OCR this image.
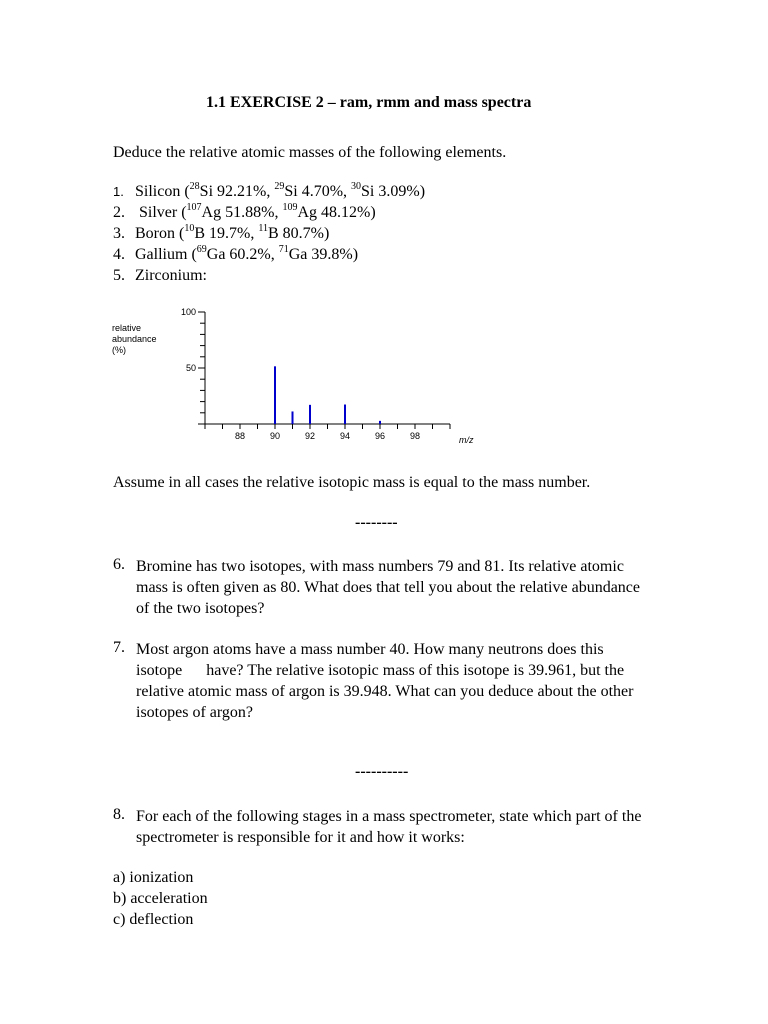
1.1 EXERCISE 2 – ram, rmm and mass spectra
Deduce the relative atomic masses of the following elements.
1. Silicon ($^{28}$Si 92.21%, $^{29}$Si 4.70%, $^{30}$Si 3.09%)
2. Silver ($^{107}$Ag 51.88%, $^{109}$Ag 48.12%)
3. Boron ($^{10}$B 19.7%, $^{11}$B 80.7%)
4. Gallium ($^{69}$Ga 60.2%, $^{71}$Ga 39.8%)
5. Zirconium:
100
50
88	90	92	94	96	98	m/z
relative
abundance
(%)
Assume in all cases the relative isotopic mass is equal to the mass number.
--------
6. Bromine has two isotopes, with mass numbers 79 and 81. Its relative atomic mass is often given as 80. What does that tell you about the relative abundance of the two isotopes?
7. Most argon atoms have a mass number 40. How many neutrons does this isotope      have? The relative isotopic mass of this isotope is 39.961, but the relative atomic mass of argon is 39.948. What can you deduce about the other isotopes of argon?
----------
8. For each of the following stages in a mass spectrometer, state which part of the spectrometer is responsible for it and how it works:
a) ionization
b) acceleration
c) deflection
